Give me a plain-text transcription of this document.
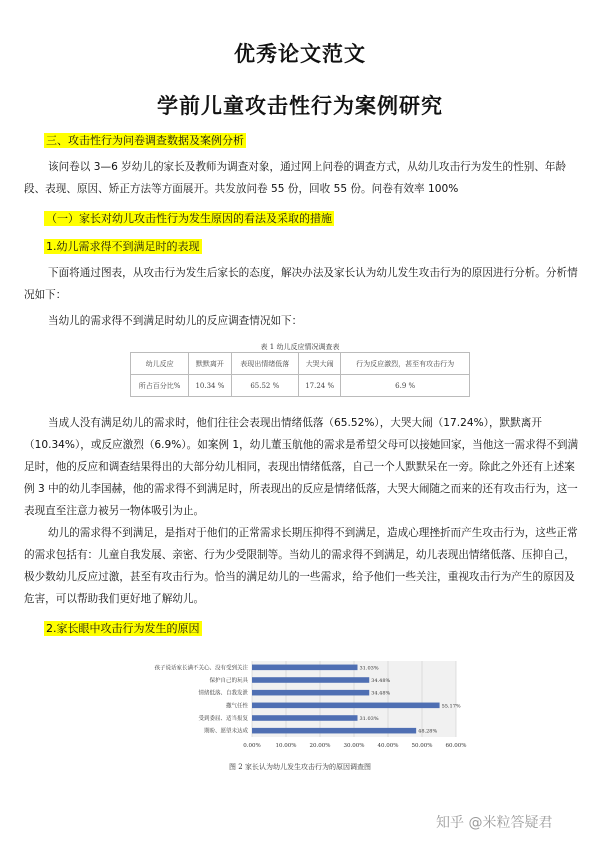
优秀论文范文
学前儿童攻击性行为案例研究
三、攻击性行为问卷调查数据及案例分析

该问卷以 3—6 岁幼儿的家长及教师为调查对象，通过网上问卷的调查方式，从幼儿攻击行为发生的性别、年龄段、表现、原因、矫正方法等方面展开。共发放问卷 55 份，回收 55 份。问卷有效率 100%

（一）家长对幼儿攻击性行为发生原因的看法及采取的措施
1.幼儿需求得不到满足时的表现

下面将通过图表，从攻击行为发生后家长的态度，解决办法及家长认为幼儿发生攻击行为的原因进行分析。分析情况如下：

当幼儿的需求得不到满足时幼儿的反应调查情况如下：
表 1 幼儿反应情况调查表
幼儿反应	默默离开	表现出情绪低落	大哭大闹	行为反应激烈，甚至有攻击行为
所占百分比%	10.34 %	65.52 %	17.24 %	6.9 %

当成人没有满足幼儿的需求时，他们往往会表现出情绪低落（65.52%），大哭大闹（17.24%），默默离开（10.34%），或反应激烈（6.9%）。如案例 1，幼儿董玉航他的需求是希望父母可以接她回家，当他这一需求得不到满足时，他的反应和调查结果得出的大部分幼儿相同，表现出情绪低落，自己一个人默默呆在一旁。除此之外还有上述案例 3 中的幼儿李国赫，他的需求得不到满足时，所表现出的反应是情绪低落，大哭大闹随之而来的还有攻击行为，这一表现直至注意力被另一物体吸引为止。

幼儿的需求得不到满足，是指对于他们的正常需求长期压抑得不到满足，造成心理挫折而产生攻击行为，这些正常的需求包括有：儿童自我发展、亲密、行为少受限制等。当幼儿的需求得不到满足，幼儿表现出情绪低落、压抑自己，极少数幼儿反应过激，甚至有攻击行为。恰当的满足幼儿的一些需求，给予他们一些关注，重视攻击行为产生的原因及危害，可以帮助我们更好地了解幼儿。

2.家长眼中攻击行为发生的原因
0.00%	10.00% 20.00% 30.00% 40.00% 50.00% 60.00%
孩子说话家长满不关心、没有受到关注	31.03%
保护自己的玩具	34.48%
情绪低落、自我发泄	34.48%
撒气任性	55.17%
受到委屈、适当报复	31.03%
期盼、愿望未达成	48.28%
图 2 家长认为幼儿发生攻击行为的原因调查图
知乎 @米粒答疑君
